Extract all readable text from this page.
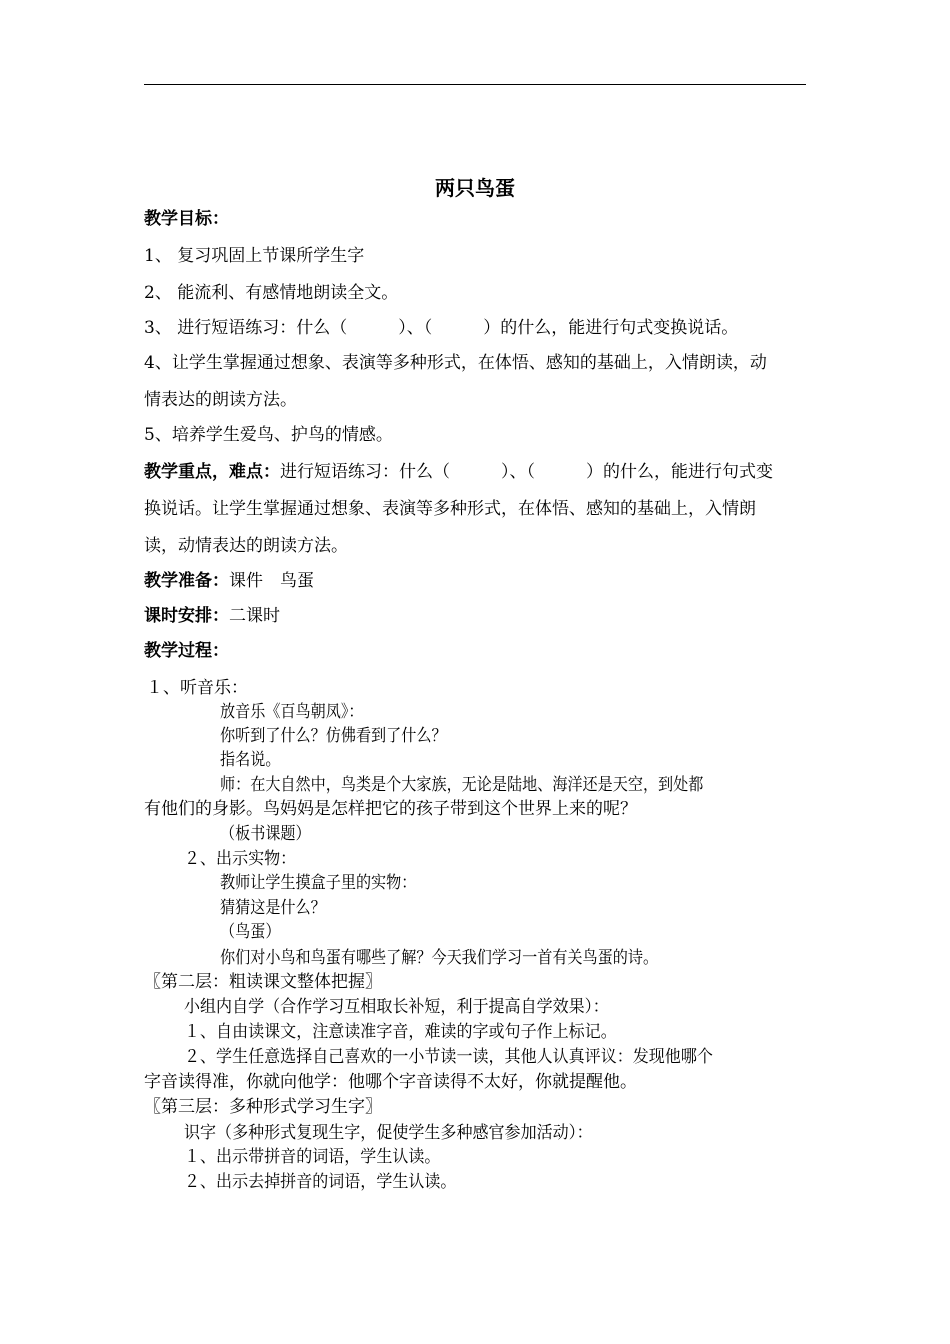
两只鸟蛋
教学目标：
1、 复习巩固上节课所学生字
2、 能流利、有感情地朗读全文。
3、 进行短语练习：什么（　　　）、（　　　）的什么，能进行句式变换说话。
4、让学生掌握通过想象、表演等多种形式，在体悟、感知的基础上，入情朗读，动
情表达的朗读方法。
5、培养学生爱鸟、护鸟的情感。
教学重点，难点：进行短语练习：什么（　　　）、（　　　）的什么，能进行句式变
换说话。让学生掌握通过想象、表演等多种形式，在体悟、感知的基础上，入情朗
读，动情表达的朗读方法。
教学准备：课件　鸟蛋
课时安排：二课时
教学过程：
１、听音乐：
放音乐《百鸟朝凤》：
你听到了什么？仿佛看到了什么？
指名说。
师：在大自然中，鸟类是个大家族，无论是陆地、海洋还是天空，到处都
有他们的身影。鸟妈妈是怎样把它的孩子带到这个世界上来的呢？
（板书课题）
２、出示实物：
教师让学生摸盒子里的实物：
猜猜这是什么？
（鸟蛋）
你们对小鸟和鸟蛋有哪些了解？今天我们学习一首有关鸟蛋的诗。
〖第二层：粗读课文整体把握〗
小组内自学（合作学习互相取长补短，利于提高自学效果）：
１、自由读课文，注意读准字音，难读的字或句子作上标记。
２、学生任意选择自己喜欢的一小节读一读，其他人认真评议：发现他哪个
字音读得准，你就向他学：他哪个字音读得不太好，你就提醒他。
〖第三层：多种形式学习生字〗
识字（多种形式复现生字，促使学生多种感官参加活动）：
１、出示带拼音的词语，学生认读。
２、出示去掉拼音的词语，学生认读。
